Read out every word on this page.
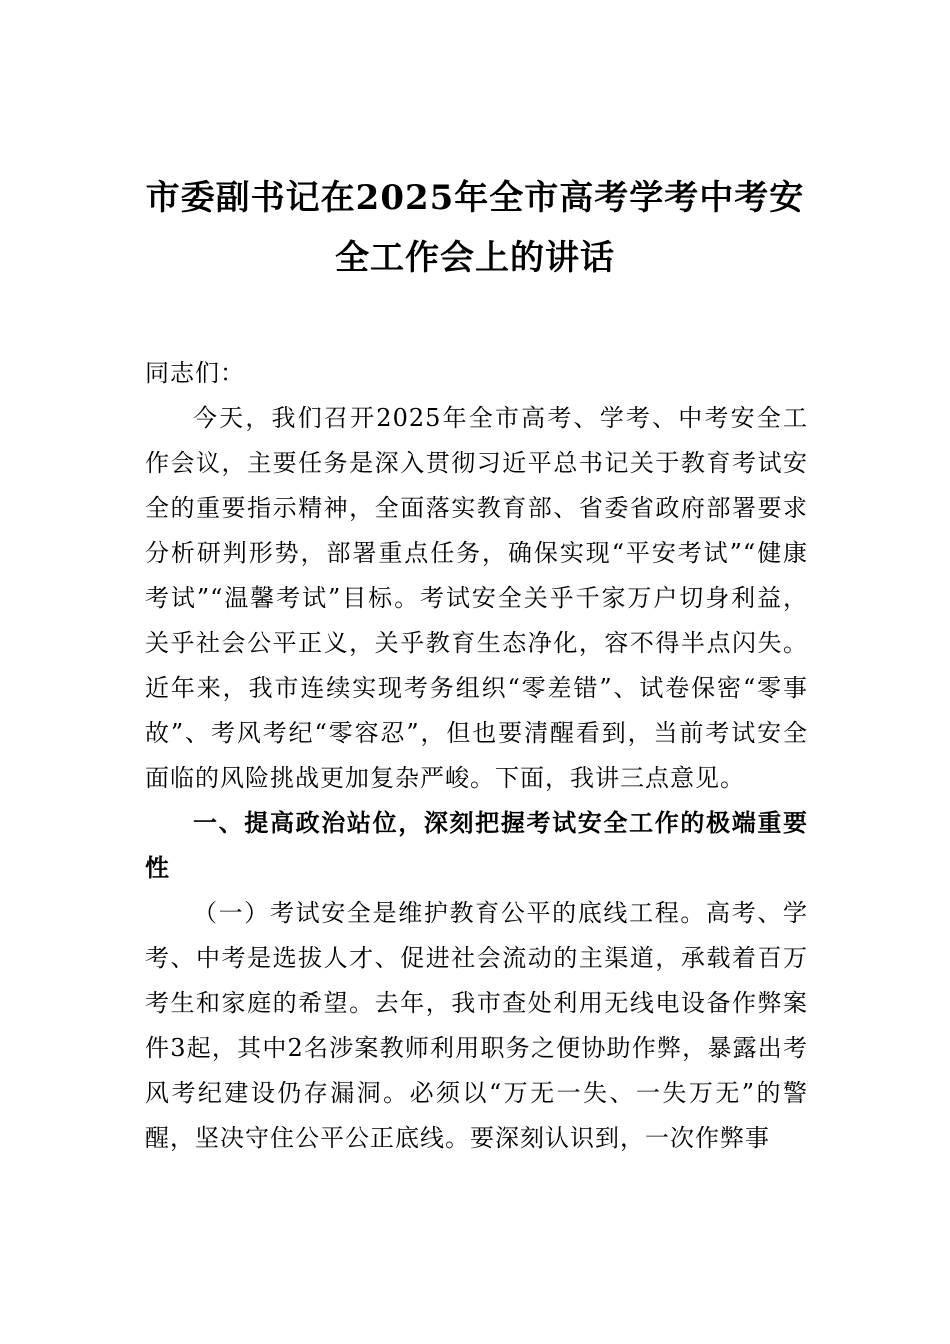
市委副书记在2025年全市高考学考中考安全工作会上的讲话

同志们：

今天，我们召开2025年全市高考、学考、中考安全工作会议，主要任务是深入贯彻习近平总书记关于教育考试安全的重要指示精神，全面落实教育部、省委省政府部署要求分析研判形势，部署重点任务，确保实现“平安考试”“健康考试”“温馨考试”目标。考试安全关乎千家万户切身利益，关乎社会公平正义，关乎教育生态净化，容不得半点闪失。近年来，我市连续实现考务组织“零差错”、试卷保密“零事故”、考风考纪“零容忍”，但也要清醒看到，当前考试安全面临的风险挑战更加复杂严峻。下面，我讲三点意见。

一、提高政治站位，深刻把握考试安全工作的极端重要性

（一）考试安全是维护教育公平的底线工程。高考、学考、中考是选拔人才、促进社会流动的主渠道，承载着百万考生和家庭的希望。去年，我市查处利用无线电设备作弊案件3起，其中2名涉案教师利用职务之便协助作弊，暴露出考风考纪建设仍存漏洞。必须以“万无一失、一失万无”的警醒，坚决守住公平公正底线。要深刻认识到，一次作弊事
